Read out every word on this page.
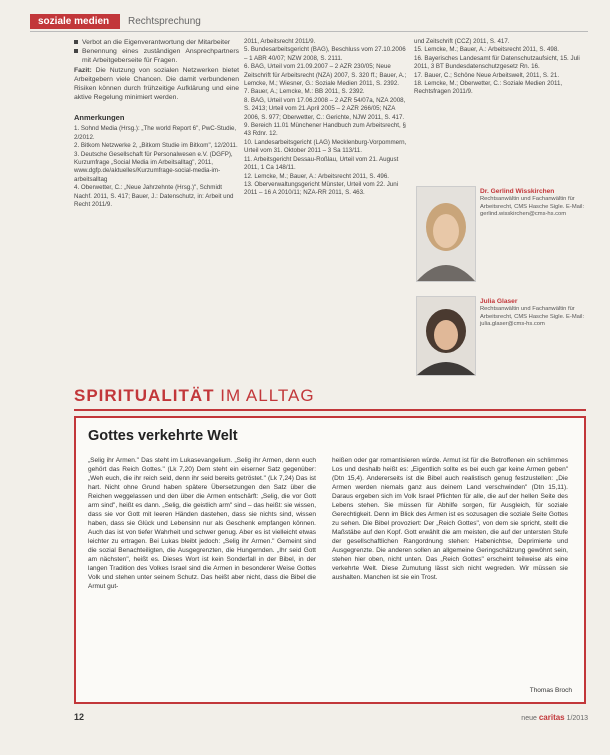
soziale medien	Rechtsprechung

Verbot an die Eigenverantwortung der Mitarbeiter

Benennung eines zuständigen Ansprechpartners mit Arbeitgeberseite für Fragen.

Fazit: Die Nutzung von sozialen Netzwerken bietet Arbeitgebern viele Chancen. Die damit verbundenen Risiken können durch frühzeitige Aufklärung und eine aktive Regelung minimiert werden.

Anmerkungen

1. Sohnd Media (Hrsg.): „The world Report 6", PwC-Studie, 2/2012.

2. Bitkom Netzwerke 2, „Bitkom Studie im Bitkom", 12/2011.

3. Deutsche Gesellschaft für Personalwesen e.V. (DGFP), Kurzumfrage „Social Media im Arbeitsalltag", 2011, www.dgfp.de/aktuelles/Kurzumfrage-social-media-im-arbeitsalltag

4. Oberwetter, C.: „Neue Jahrzehnte (Hrsg.)", Schmidt Nachf. 2011, S. 417; Bauer, J.: Datenschutz, in: Arbeit und Recht 2011/9.

2011, Arbeitsrecht 2011/9.

5. Bundesarbeitsgericht (BAG), Beschluss vom 27.10.2006 – 1 ABR 40/07; NZW 2008, S. 2111.

6. BAG, Urteil vom 21.09.2007 – 2 AZR 230/05; Neue Zeitschrift für Arbeitsrecht (NZA) 2007, S. 320 ff.; Bauer, A.; Lemcke, M.; Wiesner, G.: Soziale Medien 2011, S. 2392.

7. Bauer, A.; Lemcke, M.: BB 2011, S. 2392.

8. BAG, Urteil vom 17.06.2008 – 2 AZR 54/07a, NZA 2008, S. 2413; Urteil vom 21.April 2005 – 2 AZR 266/05; NZA 2006, S. 977; Oberwetter, C.: Gerichte, NJW 2011, S. 417.

9. Bereich 11.01 Münchener Handbuch zum Arbeitsrecht, § 43 Rdnr. 12.

10. Landesarbeitsgericht (LAG) Mecklenburg-Vorpommern, Urteil vom 31. Oktober 2011 – 3 Sa 113/11.

11. Arbeitsgericht Dessau-Roßlau, Urteil vom 21. August 2011, 1 Ca 148/11.

12. Lemcke, M.; Bauer, A.: Arbeitsrecht 2011, S. 496.

13. Oberverwaltungsgericht Münster, Urteil vom 22. Juni 2011 – 16 A 2010/11; NZA-RR 2011, S. 463.

und Zeitschrift (CCZ) 2011, S. 417.

15. Lemcke, M.; Bauer, A.: Arbeitsrecht 2011, S. 498.

16. Bayerisches Landesamt für Datenschutzaufsicht, 15. Juli 2011, 3 BT Bundesdatenschutzgesetz Rn. 16.

17. Bauer, C.; Schöne Neue Arbeitswelt, 2011, S. 21.

18. Lemcke, M.; Oberwetter, C.: Soziale Medien 2011, Rechtsfragen 2011/9.

Dr. Gerlind Wisskirchen
Rechtsanwältin und Fachanwältin für Arbeitsrecht, CMS Hasche Sigle. E-Mail: gerlind.wisskirchen@cms-hs.com
Julia Glaser
Rechtsanwältin und Fachanwältin für Arbeitsrecht, CMS Hasche Sigle. E-Mail: julia.glaser@cms-hs.com
SPIRITUALITÄT IM ALLTAG
Gottes verkehrte Welt
„Selig ihr Armen." Das steht im Lukasevangelium. „Selig ihr Armen, denn euch gehört das Reich Gottes." (Lk 7,20) Dem steht ein eiserner Satz gegenüber: „Weh euch, die ihr reich seid, denn ihr seid bereits getröstet." (Lk 7,24) Das ist hart. Nicht ohne Grund haben spätere Übersetzungen den Satz über die Reichen weggelassen und den über die Armen entschärft: „Selig, die vor Gott arm sind", heißt es dann. „Selig, die geistlich arm" sind – das heißt: sie wissen, dass sie vor Gott mit leeren Händen dastehen, dass sie nichts sind, wissen haben, dass sie Glück und Lebensinn nur als Geschenk empfangen können. Auch das ist von tiefer Wahrheit und schwer genug. Aber es ist vielleicht etwas leichter zu ertragen. Bei Lukas bleibt jedoch: „Selig ihr Armen." Gemeint sind die sozial Benachteiligten, die Ausgegrenzten, die Hungernden. „Ihr seid Gott am nächsten", heißt es. Dieses Wort ist kein Sonderfall in der Bibel, in der langen Tradition des Volkes Israel sind die Armen in besonderer Weise Gottes Volk und stehen unter seinem Schutz. Das heißt aber nicht, dass die Bibel die Armut gut-
heißen oder gar romantisieren würde. Armut ist für die Betroffenen ein schlimmes Los und deshalb heißt es: „Eigentlich sollte es bei euch gar keine Armen geben" (Dtn 15,4). Andererseits ist die Bibel auch realistisch genug festzustellen: „Die Armen werden niemals ganz aus deinem Land verschwinden" (Dtn 15,11). Daraus ergeben sich im Volk Israel Pflichten für alle, die auf der hellen Seite des Lebens stehen. Sie müssen für Abhilfe sorgen, für Ausgleich, für soziale Gerechtigkeit. Denn im Blick des Armen ist es sozusagen die soziale Seite Gottes zu sehen. Die Bibel provoziert: Der „Reich Gottes", von dem sie spricht, stellt die Maßstäbe auf den Kopf. Gott erwählt die am meisten, die auf der untersten Stufe der gesellschaftlichen Rangordnung stehen: Habenichtse, Deprimierte und Ausgegrenzte. Die anderen sollen an allgemeine Geringschätzung gewöhnt sein, stehen hier oben, nicht unten. Das „Reich Gottes" erscheint teilweise als eine verkehrte Welt. Diese Zumutung lässt sich nicht wegreden. Wir müssen sie aushalten. Manchen ist sie ein Trost.
Thomas Broch
12	neue caritas 1/2013
